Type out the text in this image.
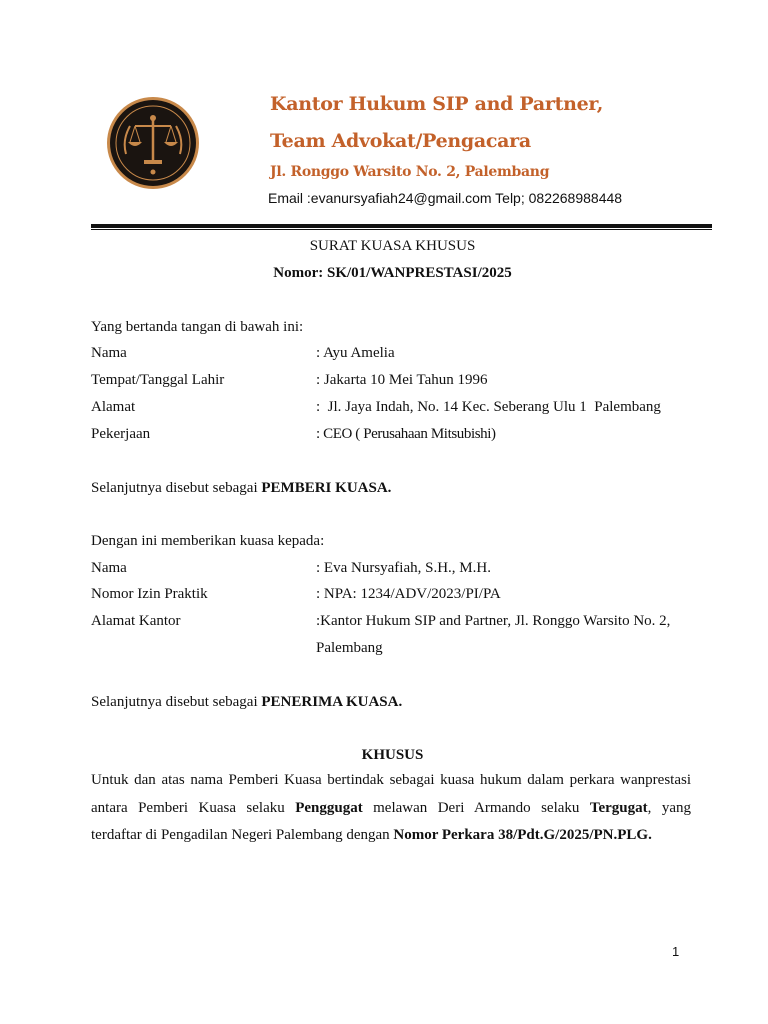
Kantor Hukum SIP and Partner,
Team Advokat/Pengacara
Jl. Ronggo Warsito No. 2, Palembang
Email :evanursyafiah24@gmail.com Telp; 082268988448
SURAT KUASA KHUSUS
Nomor: SK/01/WANPRESTASI/2025
Yang bertanda tangan di bawah ini:
Nama	: Ayu Amelia
Tempat/Tanggal Lahir	: Jakarta 10 Mei Tahun 1996
Alamat	:  Jl. Jaya Indah, No. 14 Kec. Seberang Ulu 1  Palembang
Pekerjaan	: CEO ( Perusahaan Mitsubishi)
Selanjutnya disebut sebagai PEMBERI KUASA.
Dengan ini memberikan kuasa kepada:
Nama	: Eva Nursyafiah, S.H., M.H.
Nomor Izin Praktik	: NPA: 1234/ADV/2023/PI/PA
Alamat Kantor	:Kantor Hukum SIP and Partner, Jl. Ronggo Warsito No. 2,
Palembang
Selanjutnya disebut sebagai PENERIMA KUASA.
KHUSUS
Untuk dan atas nama Pemberi Kuasa bertindak sebagai kuasa hukum dalam perkara wanprestasi
antara Pemberi Kuasa selaku Penggugat melawan Deri Armando selaku Tergugat, yang
terdaftar di Pengadilan Negeri Palembang dengan Nomor Perkara 38/Pdt.G/2025/PN.PLG.
1
